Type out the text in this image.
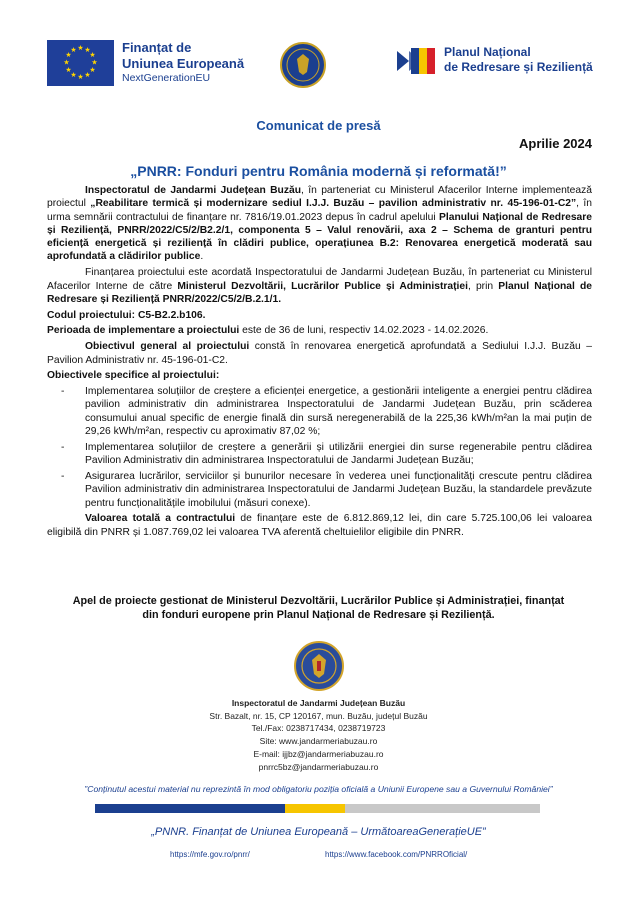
★ ★
★
★
★
★
★
★
★
★
★
★	Finanțat de
Uniunea Europeană
NextGenerationEU
Planul Național
de Redresare și Reziliență
Comunicat de presă
Aprilie 2024
„PNRR: Fonduri pentru România modernă și reformată!”

Inspectoratul de Jandarmi Județean Buzău, în parteneriat cu Ministerul Afacerilor Interne implementează proiectul „Reabilitare termică și modernizare sediul I.J.J. Buzău – pavilion administrativ nr. 45-196-01-C2”, în urma semnării contractului de finanțare nr. 7816/19.01.2023 depus în cadrul apelului Planului Național de Redresare și Reziliență, PNRR/2022/C5/2/B2.2/1, componenta 5 – Valul renovării, axa 2 – Schema de granturi pentru eficiență energetică și reziliență în clădiri publice, operațiunea B.2: Renovarea energetică moderată sau aprofundată a clădirilor publice.

Finanțarea proiectului este acordată Inspectoratului de Jandarmi Județean Buzău, în parteneriat cu Ministerul Afacerilor Interne de către Ministerul Dezvoltării, Lucrărilor Publice și Administrației, prin Planul Național de Redresare și Reziliență PNRR/2022/C5/2/B.2.1/1.

Codul proiectului: C5-B2.2.b106.

Perioada de implementare a proiectului este de 36 de luni, respectiv 14.02.2023 - 14.02.2026.

Obiectivul general al proiectului constă în renovarea energetică aprofundată a Sediului I.J.J. Buzău – Pavilion Administrativ nr. 45-196-01-C2.

Obiectivele specifice al proiectului:

- Implementarea soluțiilor de creștere a eficienței energetice, a gestionării inteligente a energiei pentru clădirea pavilion administrativ din administrarea Inspectoratului de Jandarmi Județean Buzău, prin scăderea consumului anual specific de energie finală din sursă neregenerabilă de la 225,36 kWh/m²an la mai puțin de 29,26 kWh/m²an, respectiv cu aproximativ 87,02 %;

- Implementarea soluțiilor de creștere a generării și utilizării energiei din surse regenerabile pentru clădirea Pavilion Administrativ din administrarea Inspectoratului de Jandarmi Județean Buzău;

- Asigurarea lucrărilor, serviciilor și bunurilor necesare în vederea unei funcționalități crescute pentru clădirea Pavilion administrativ din administrarea Inspectoratului de Jandarmi Județean Buzău, la standardele prevăzute pentru funcționalitățile imobilului (măsuri conexe).

Valoarea totală a contractului de finanțare este de 6.812.869,12 lei, din care 5.725.100,06 lei valoarea eligibilă din PNRR și 1.087.769,02 lei valoarea TVA aferentă cheltuielilor eligibile din PNRR.

Apel de proiecte gestionat de Ministerul Dezvoltării, Lucrărilor Publice și Administrației, finanțat din fonduri europene prin Planul Național de Redresare și Reziliență.
Inspectoratul de Jandarmi Județean Buzău
Str. Bazalt, nr. 15, CP 120167, mun. Buzău, județul Buzău
Tel./Fax: 0238717434, 0238719723
Site: www.jandarmeriabuzau.ro
E-mail: ijjbz@jandarmeriabuzau.ro
pnrrc5bz@jandarmeriabuzau.ro
”Conținutul acestui material nu reprezintă în mod obligatoriu poziția oficială a Uniunii Europene sau a Guvernului României”
„PNNR. Finanțat de Uniunea Europeană – UrmătoareaGenerațieUE”
https://mfe.gov.ro/pnrr/	https://www.facebook.com/PNRROficial/
